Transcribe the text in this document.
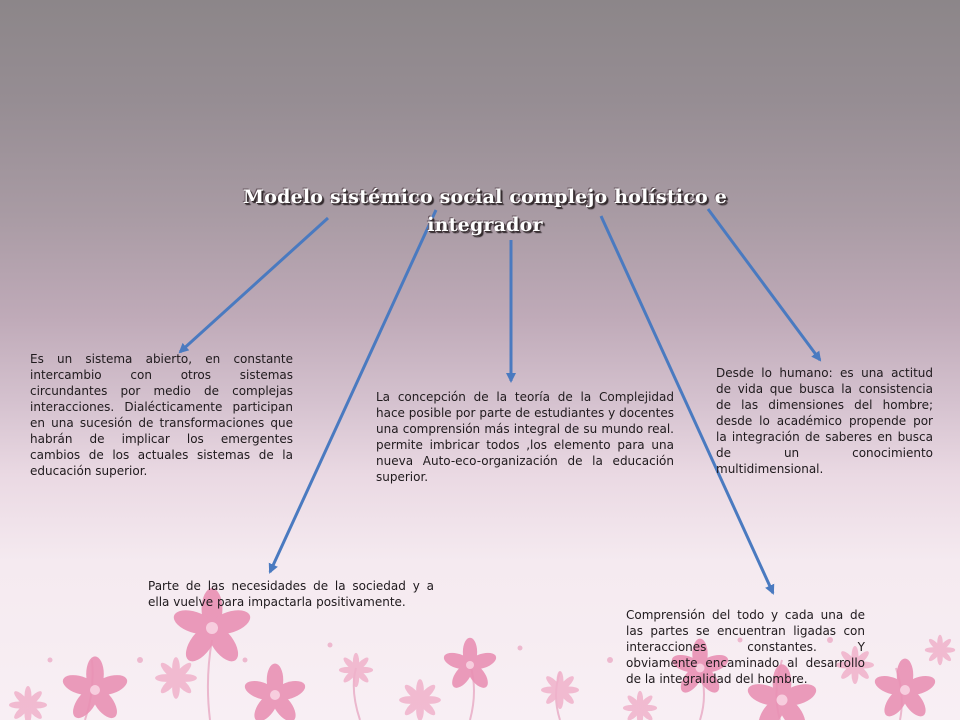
Modelo sistémico social complejo holístico e integrador
Es un sistema abierto, en constante intercambio con otros sistemas circundantes por medio de complejas interacciones. Dialécticamente participan en una sucesión de transformaciones que habrán de implicar los emergentes cambios de los actuales sistemas de la educación superior.
La concepción de la teoría de la Complejidad hace posible por parte de estudiantes y docentes una comprensión más integral de su mundo real. permite imbricar todos ,los elemento para una nueva Auto-eco-organización de la educación superior.
Desde lo humano: es una actitud de vida que busca la consistencia de las dimensiones del hombre; desde lo académico propende por la integración de saberes en busca de un conocimiento multidimensional.
Parte de las necesidades de la sociedad y a ella vuelve para impactarla positivamente.
Comprensión del todo y cada una de las partes se encuentran ligadas con interacciones constantes. Y obviamente encaminado al desarrollo de la integralidad del hombre.
